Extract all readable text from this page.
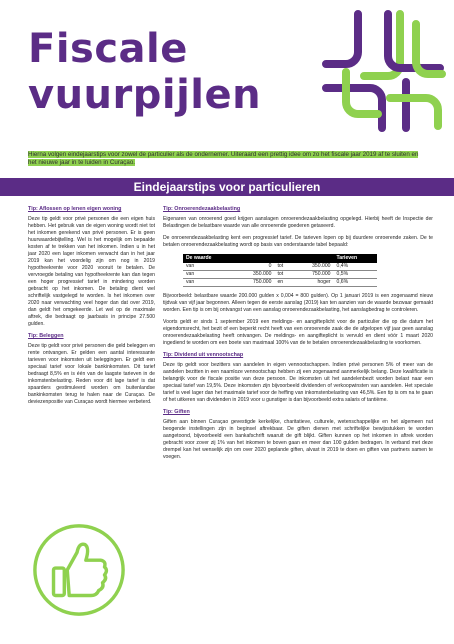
Fiscale
vuurpijlen

Hierna volgen eindejaarstips voor zowel de particulier als de ondernemer. Uiteraard een prettig idee om zo het fiscale jaar 2019 af te sluiten en het nieuwe jaar in te luiden in Curaçao.

Eindejaarstips voor particulieren
Tip: Aflossen op lenen eigen woning

Deze tip geldt voor privé personen die een eigen huis hebben. Het gebruik van de eigen woning wordt niet tot het inkomen gerekend van privé personen. Er is geen huurwaardebijtelling. Wel is het mogelijk om bepaalde kosten af te trekken van het inkomen. Indien u in het jaar 2020 een lager inkomen verwacht dan in het jaar 2019 kan het voordelig zijn om nog in 2019 hypotheekrente voor 2020 vooruit te betalen. De vervroegde betaling van hypotheekrente kan dan tegen een hoger progressief tarief in mindering worden gebracht op het inkomen. De betaling dient wel schriftelijk vastgelegd te worden. Is het inkomen over 2020 naar verwachting veel hoger dan dat over 2019, dan geldt het omgekeerde. Let wel op de maximale aftrek, die bedraagt op jaarbasis in principe 27.500 gulden.

Tip: Beleggen

Deze tip geldt voor privé personen die geld beleggen en rente ontvangen. Er gelden een aantal interessante tarieven voor inkomsten uit beleggingen. Er geldt een speciaal tarief voor lokale bankinkomsten. Dit tarief bedraagt 8,5% en is één van de laagste tarieven in de inkomstenbelasting. Reden voor dit lage tarief is dat spaarders gestimuleerd worden om buitenlandse bankinkomsten terug te halen naar de Curaçao. De deviezenpositie van Curaçao wordt hiermee verbeterd.

Tip: Onroerendezaakbelasting

Eigenaren van onroerend goed krijgen aanslagen onroerendezaakbelasting opgelegd. Hierbij heeft de Inspectie der Belastingen de belastbare waarde van alle onroerende goederen getaxeerd.

De onroerendezaakbelasting kent een progressief tarief. De tarieven lopen op bij duurdere onroerende zaken. De te betalen onroerendezaakbelasting wordt op basis van onderstaande tabel bepaald:

De waarde				Tarieven
van	0	tot	350.000	0,4%
van	350.000	tot	750.000	0,5%
van	750.000	en	hoger	0,6%

Bijvoorbeeld: belastbare waarde 200.000 gulden x 0,004 = 800 gulden). Op 1 januari 2019 is een zogenaamd nieuw tijdvak van vijf jaar begonnen. Alleen tegen de eerste aanslag (2019) kan ten aanzien van de waarde bezwaar gemaakt worden. Een tip is om bij ontvangst van een aanslag onroerendezaakbelasting, het aanslagbedrag te controleren.

Voorts geldt er sinds 1 september 2019 een meldings- en aangifteplicht voor de particulier die op die datum het eigendomsrecht, het bezit of een beperkt recht heeft van een onroerende zaak die de afgelopen vijf jaar geen aanslag onroerendezaakbelasting heeft ontvangen. De meldings- en aangifteplicht is vervuld en dient vóór 1 maart 2020 ingediend te worden om een boete van maximaal 100% van de te betalen onroerendezaakbelasting te voorkomen.

Tip: Dividend uit vennootschap

Deze tip geldt voor bezitters van aandelen in eigen vennootschappen. Indien privé personen 5% of meer van de aandelen bezitten in een naamloze vennootschap hebben zij een zogenaamd aanmerkelijk belang. Deze kwalificatie is belangrijk voor de fiscale positie van deze persoon. De inkomsten uit het aandelenbezit worden belast naar een speciaal tarief van 19,5%. Deze inkomsten zijn bijvoorbeeld dividenden of verkoopwinsten van aandelen. Het speciale tarief is veel lager dan het maximale tarief voor de heffing van inkomstenbelasting van 46,5%. Een tip is om na te gaan of het uitkeren van dividenden in 2019 voor u gunstiger is dan bijvoorbeeld extra salaris of tantième.

Tip: Giften

Giften aan binnen Curaçao gevestigde kerkelijke, charitatieve, culturele, wetenschappelijke en het algemeen nut beogende instellingen zijn in beginsel aftrekbaar. De giften dienen met schriftelijke bewijsstukken te worden aangetoond, bijvoorbeeld een bankafschrift waaruit de gift blijkt. Giften kunnen op het inkomen in aftrek worden gebracht voor zover zij 1% van het inkomen te boven gaan en meer dan 100 gulden bedragen. In verband met deze drempel kan het wenselijk zijn om over 2020 geplande giften, alvast in 2019 te doen en giften van partners samen te voegen.
